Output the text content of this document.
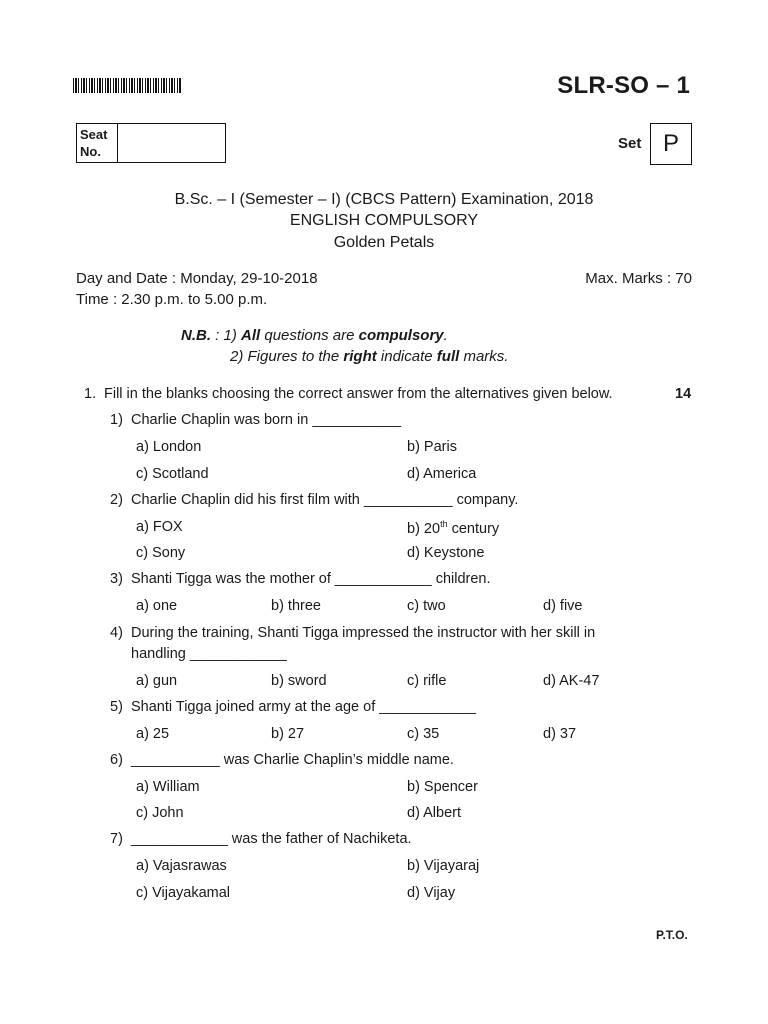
SLR-SO – 1
Seat
No.	Set P
B.Sc. – I (Semester – I) (CBCS Pattern) Examination, 2018
ENGLISH COMPULSORY
Golden Petals
Day and Date : Monday, 29-10-2018
Time : 2.30 p.m. to 5.00 p.m.
Max. Marks : 70
N.B. : 1) All questions are compulsory.
2) Figures to the right indicate full marks.
1. Fill in the blanks choosing the correct answer from the alternatives given below.	14
1) Charlie Chaplin was born in ___________
a) London	b) Paris
c) Scotland	d) America
2) Charlie Chaplin did his first film with ___________ company.
a) FOX	b) 20th century
c) Sony	d) Keystone
3) Shanti Tigga was the mother of ____________ children.
a) one	b) three	c) two	d) five
4) During the training, Shanti Tigga impressed the instructor with her skill in
handling ____________
a) gun	b) sword	c) rifle	d) AK-47
5) Shanti Tigga joined army at the age of ____________
a) 25	b) 27	c) 35	d) 37
6) ___________ was Charlie Chaplin’s middle name.
a) William	b) Spencer
c) John	d) Albert
7) ____________ was the father of Nachiketa.
a) Vajasrawas	b) Vijayaraj
c) Vijayakamal	d) Vijay
P.T.O.
